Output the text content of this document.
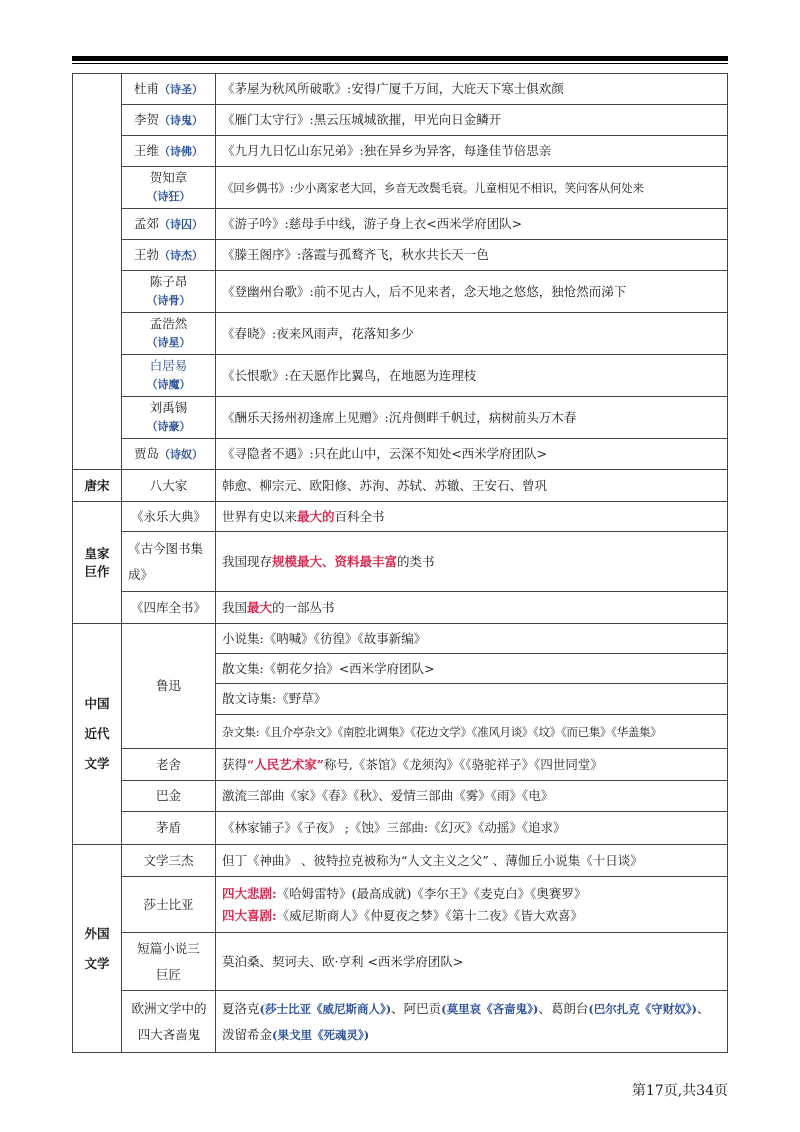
	杜甫（诗圣）	《茅屋为秋风所破歌》:安得广厦千万间，大庇天下寒士俱欢颜
	李贺（诗鬼）	《雁门太守行》:黑云压城城欲摧，甲光向日金鳞开
	王维（诗佛）	《九月九日忆山东兄弟》:独在异乡为异客，每逢佳节倍思亲
	贺知章（诗狂）	《回乡偶书》:少小离家老大回，乡音无改鬓毛衰。儿童相见不相识，笑问客从何处来
	孟郊（诗囚）	《游子吟》:慈母手中线，游子身上衣<西米学府团队>
	王勃（诗杰）	《滕王阁序》:落霞与孤鹜齐飞，秋水共长天一色
	陈子昂（诗骨）	《登幽州台歌》:前不见古人，后不见来者，念天地之悠悠，独怆然而涕下
	孟浩然（诗星）	《春晓》:夜来风雨声，花落知多少
	白居易（诗魔）	《长恨歌》:在天愿作比翼鸟，在地愿为连理枝
	刘禹锡（诗豪）	《酬乐天扬州初逢席上见赠》:沉舟侧畔千帆过，病树前头万木春
	贾岛（诗奴）	《寻隐者不遇》:只在此山中，云深不知处<西米学府团队>
唐宋	八大家	韩愈、柳宗元、欧阳修、苏洵、苏轼、苏辙、王安石、曾巩

皇家巨作	《永乐大典》	世界有史以来最大的百科全书

	《古今图书集成》	我国现存规模最大、资料最丰富的类书
	《四库全书》	我国最大的一部丛书

中国近代文学	鲁迅	小说集:《呐喊》《彷徨》《故事新编》
		散文集:《朝花夕拾》<西米学府团队>
		散文诗集:《野草》
		杂文集:《且介亭杂文》《南腔北调集》《花边文学》《准风月谈》《坟》《而已集》《华盖集》
	老舍	获得“人民艺术家”称号,《茶馆》《龙须沟》《《骆驼祥子》《四世同堂》
	巴金	激流三部曲《家》《春》《秋》、爱情三部曲《雾》《雨》《电》
	茅盾	《林家铺子》《子夜》 ;《蚀》三部曲:《幻灭》《动摇》《追求》

外国文学	文学三杰	但丁《神曲》 、彼特拉克被称为“人文主义之父” 、薄伽丘小说集《十日谈》
	莎士比亚	四大悲剧:《哈姆雷特》(最高成就)《李尔王》《麦克白》《奥赛罗》
四大喜剧:《威尼斯商人》《仲夏夜之梦》《第十二夜》《皆大欢喜》

	短篇小说三巨匠	莫泊桑、契诃夫、欧·亨利 <西米学府团队>

	欧洲文学中的四大吝啬鬼	夏洛克(莎士比亚《威尼斯商人》)、阿巴贡(莫里哀《吝啬鬼》)、葛朗台(巴尔扎克《守财奴》)、泼留希金(果戈里《死魂灵》)
第17页,共34页
